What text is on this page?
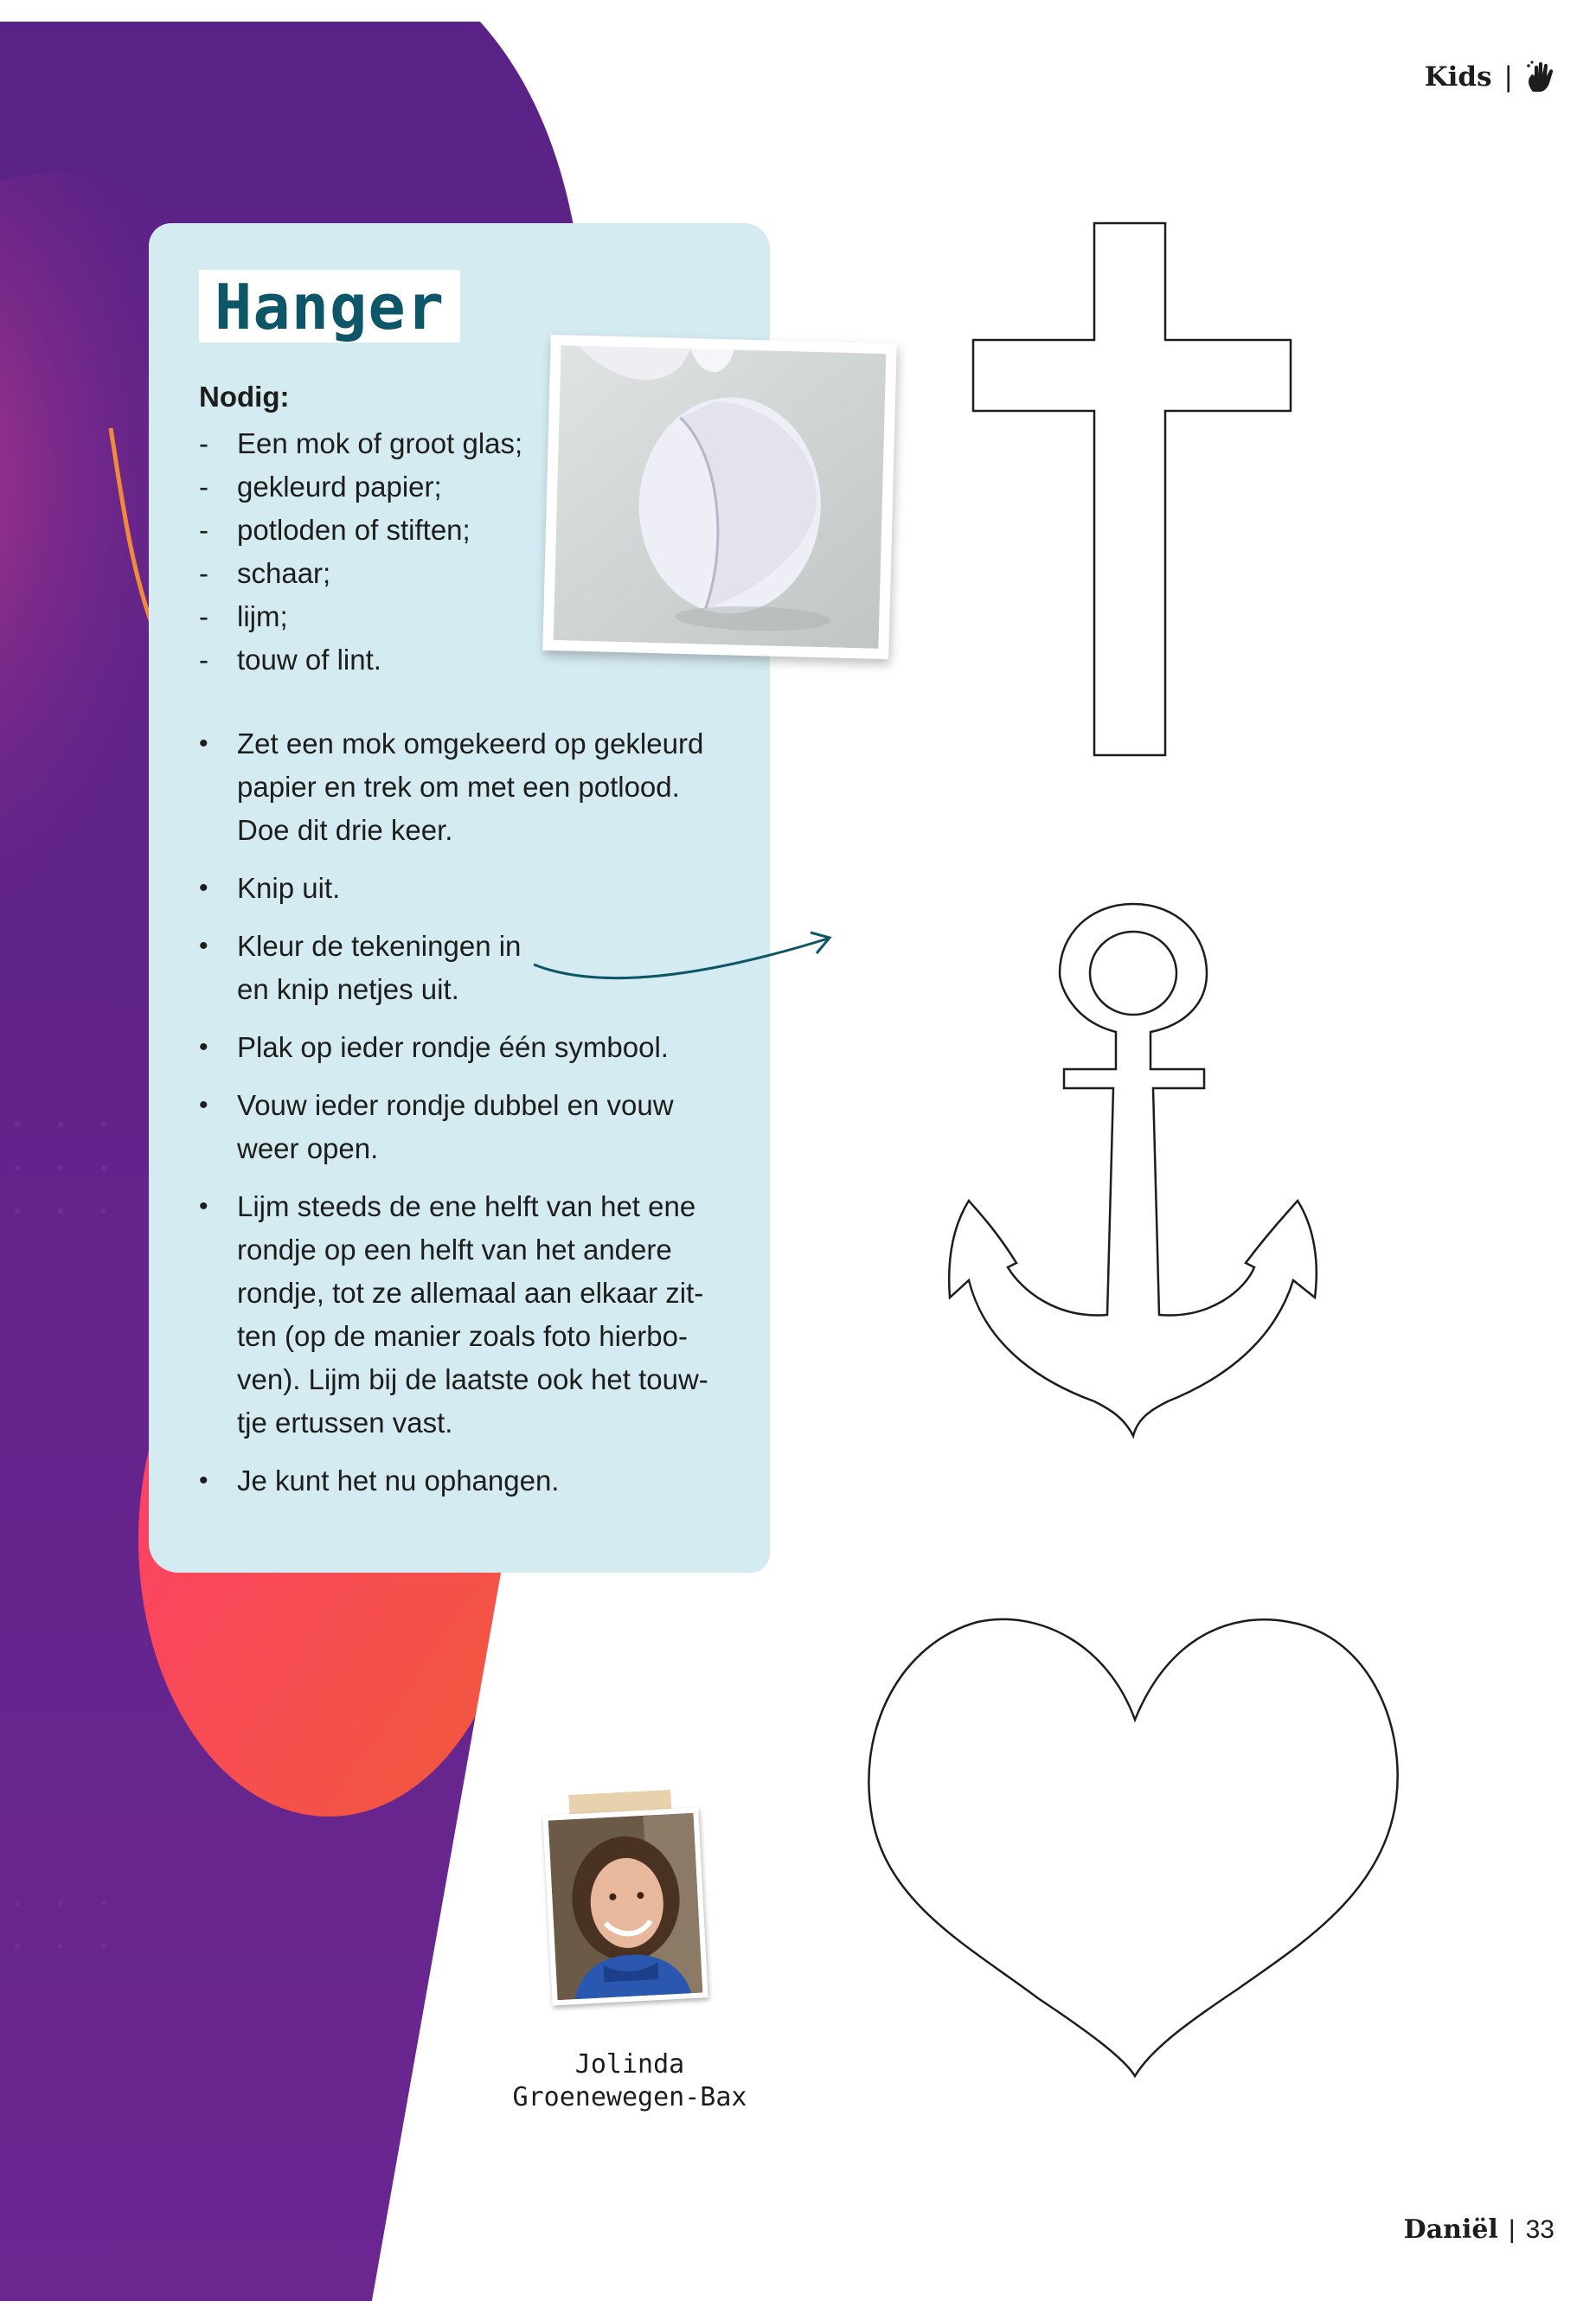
Kids |
Hanger
Nodig:
-	Een mok of groot glas;
-	gekleurd papier;
-	potloden of stiften;
-	schaar;
-	lijm;
-	touw of lint.
•	Zet een mok omgekeerd op gekleurd papier en trek om met een potlood. Doe dit drie keer.
•	Knip uit.
•	Kleur de tekeningen in en knip netjes uit.
•	Plak op ieder rondje één symbool.
•	Vouw ieder rondje dubbel en vouw weer open.
•	Lijm steeds de ene helft van het ene rondje op een helft van het andere rondje, tot ze allemaal aan elkaar zit-ten (op de manier zoals foto hierbo-ven). Lijm bij de laatste ook het touw-tje ertussen vast.
•	Je kunt het nu ophangen.
Jolinda
Groenewegen-Bax
Daniël | 33
